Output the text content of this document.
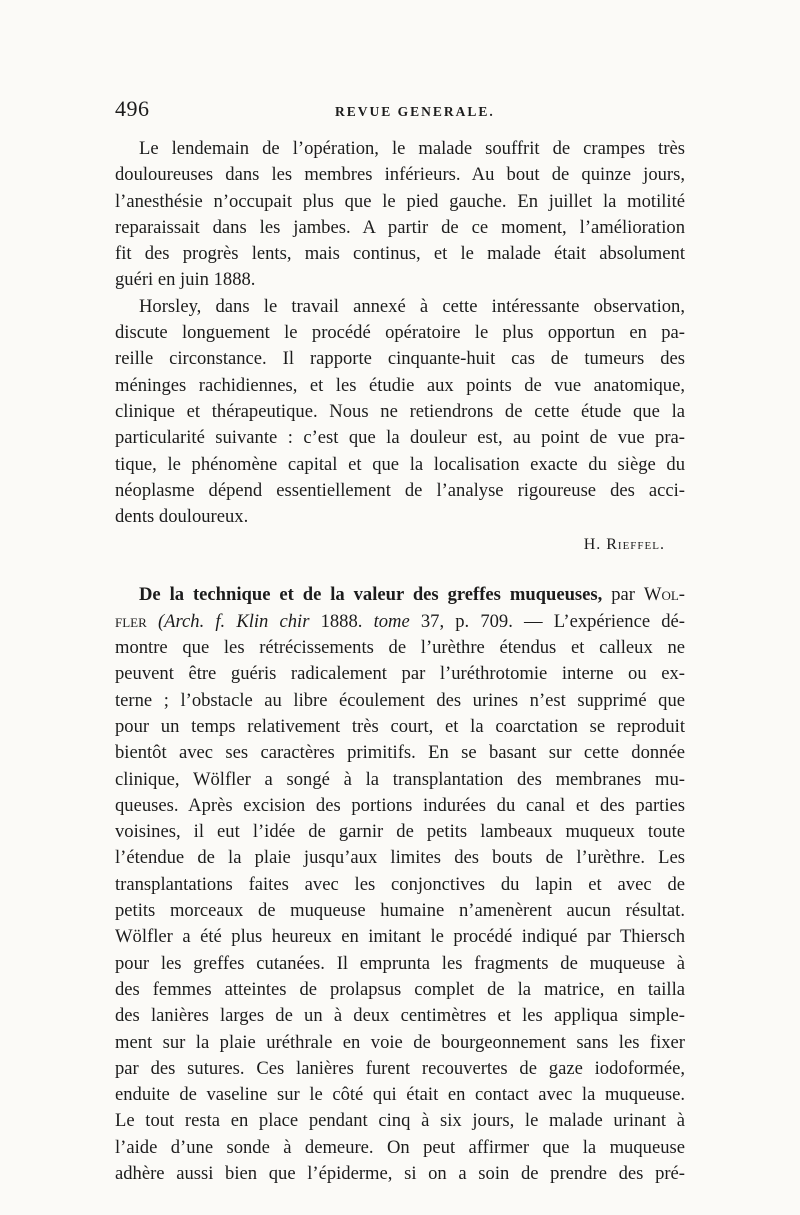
496	REVUE GENERALE.

Le lendemain de l’opération, le malade souffrit de crampes très
douloureuses dans les membres inférieurs. Au bout de quinze jours,
l’anesthésie n’occupait plus que le pied gauche. En juillet la motilité
reparaissait dans les jambes. A partir de ce moment, l’amélioration
fit des progrès lents, mais continus, et le malade était absolument
guéri en juin 1888.

Horsley, dans le travail annexé à cette intéressante observation,
discute longuement le procédé opératoire le plus opportun en pa-
reille circonstance. Il rapporte cinquante-huit cas de tumeurs des
méninges rachidiennes, et les étudie aux points de vue anatomique,
clinique et thérapeutique. Nous ne retiendrons de cette étude que la
particularité suivante : c’est que la douleur est, au point de vue pra-
tique, le phénomène capital et que la localisation exacte du siège du
néoplasme dépend essentiellement de l’analyse rigoureuse des acci-
dents douloureux.

H. Rieffel.

De la technique et de la valeur des greffes muqueuses, par Wol-
fler (Arch. f. Klin chir 1888. tome 37, p. 709. — L’expérience dé-
montre que les rétrécissements de l’urèthre étendus et calleux ne
peuvent être guéris radicalement par l’uréthrotomie interne ou ex-
terne ; l’obstacle au libre écoulement des urines n’est supprimé que
pour un temps relativement très court, et la coarctation se reproduit
bientôt avec ses caractères primitifs. En se basant sur cette donnée
clinique, Wölfler a songé à la transplantation des membranes mu-
queuses. Après excision des portions indurées du canal et des parties
voisines, il eut l’idée de garnir de petits lambeaux muqueux toute
l’étendue de la plaie jusqu’aux limites des bouts de l’urèthre. Les
transplantations faites avec les conjonctives du lapin et avec de
petits morceaux de muqueuse humaine n’amenèrent aucun résultat.
Wölfler a été plus heureux en imitant le procédé indiqué par Thiersch
pour les greffes cutanées. Il emprunta les fragments de muqueuse à
des femmes atteintes de prolapsus complet de la matrice, en tailla
des lanières larges de un à deux centimètres et les appliqua simple-
ment sur la plaie uréthrale en voie de bourgeonnement sans les fixer
par des sutures. Ces lanières furent recouvertes de gaze iodoformée,
enduite de vaseline sur le côté qui était en contact avec la muqueuse.
Le tout resta en place pendant cinq à six jours, le malade urinant à
l’aide d’une sonde à demeure. On peut affirmer que la muqueuse
adhère aussi bien que l’épiderme, si on a soin de prendre des pré-
